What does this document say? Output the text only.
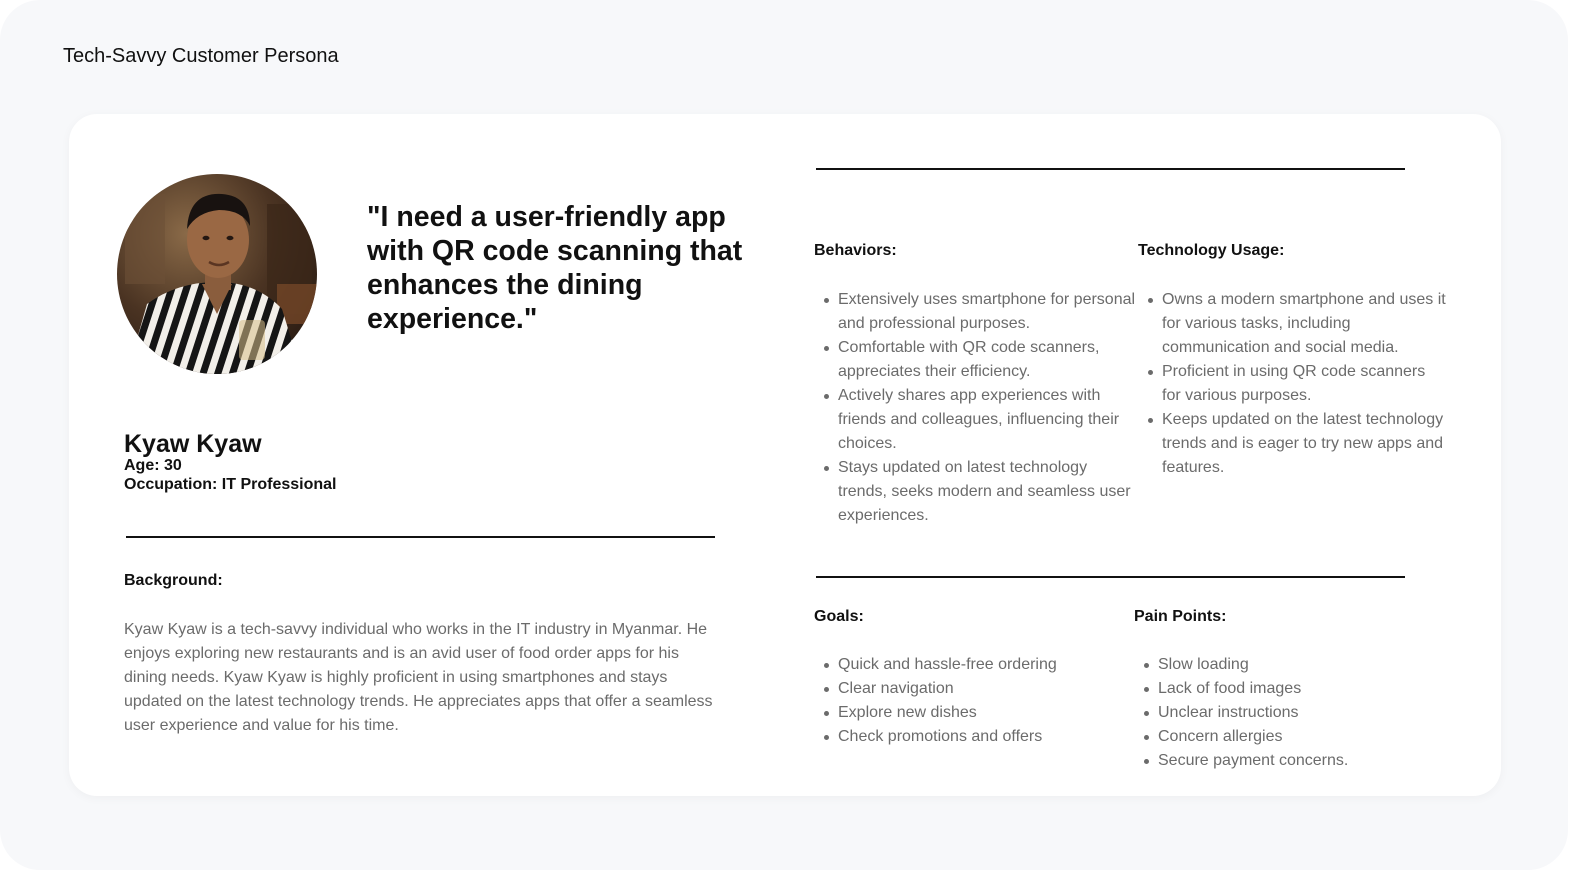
Tech-Savvy Customer Persona

"I need a user-friendly app with QR code scanning that enhances the dining experience."

Kyaw Kyaw

Age: 30

Occupation: IT Professional

Background:

Kyaw Kyaw is a tech-savvy individual who works in the IT industry in Myanmar. He enjoys exploring new restaurants and is an avid user of food order apps for his dining needs. Kyaw Kyaw is highly proficient in using smartphones and stays updated on the latest technology trends. He appreciates apps that offer a seamless user experience and value for his time.

Behaviors:

Extensively uses smartphone for personal and professional purposes.
Comfortable with QR code scanners, appreciates their efficiency.
Actively shares app experiences with friends and colleagues, influencing their choices.
Stays updated on latest technology trends, seeks modern and seamless user experiences.

Technology Usage:

Owns a modern smartphone and uses it for various tasks, including communication and social media.
Proficient in using QR code scanners for various purposes.
Keeps updated on the latest technology trends and is eager to try new apps and features.

Goals:

Quick and hassle-free ordering
Clear navigation
Explore new dishes
Check promotions and offers

Pain Points:

Slow loading
Lack of food images
Unclear instructions
Concern allergies
Secure payment concerns.
